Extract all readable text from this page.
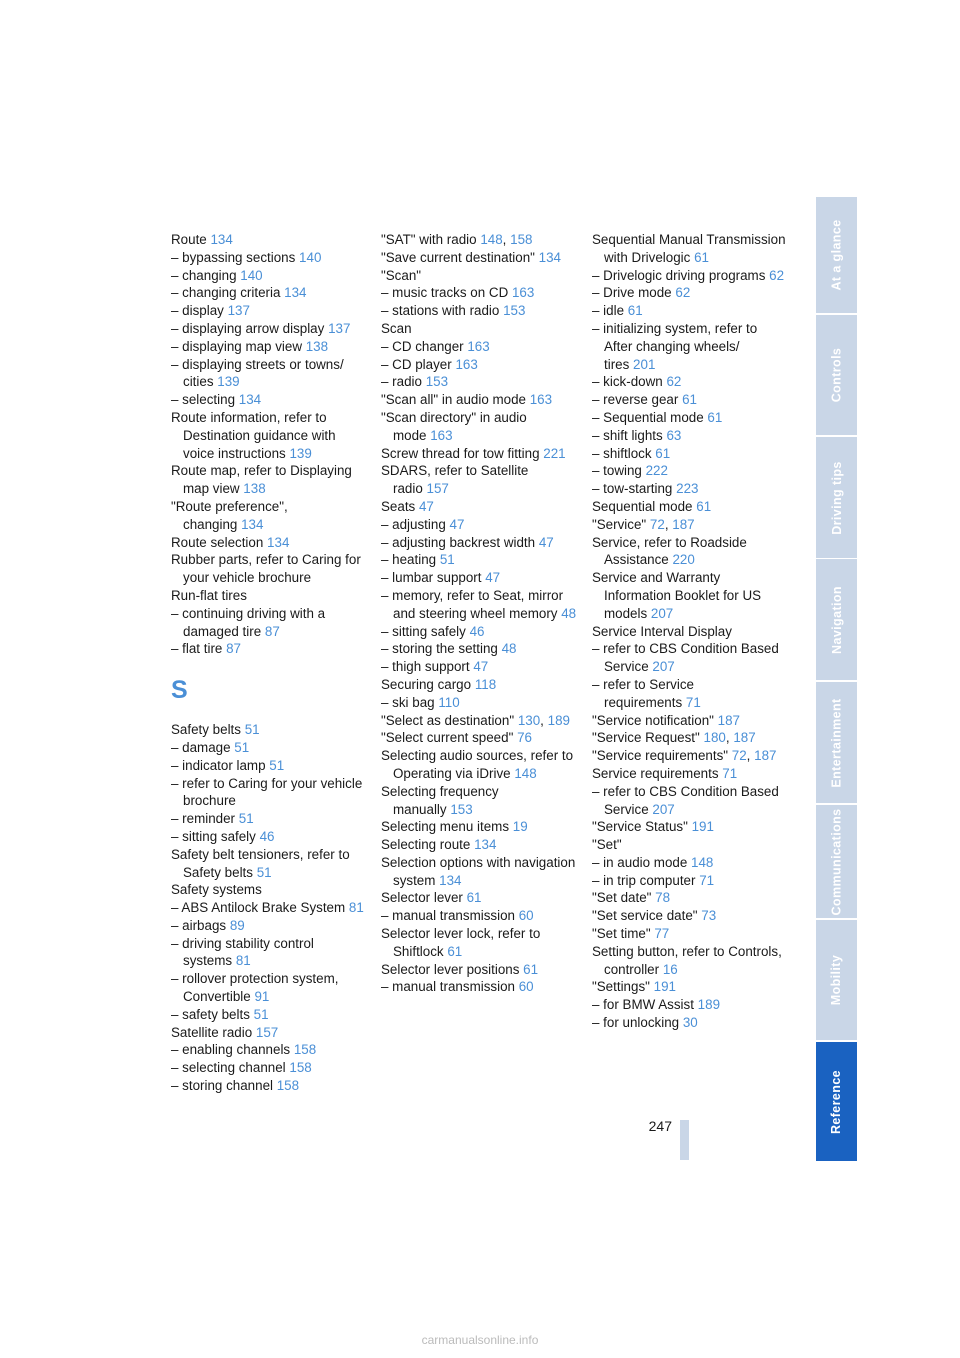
Route 134
– bypassing sections 140
– changing 140
– changing criteria 134
– display 137
– displaying arrow display 137
– displaying map view 138
– displaying streets or towns/ cities 139
– selecting 134
Route information, refer to Destination guidance with voice instructions 139
Route map, refer to Displaying map view 138
"Route preference", changing 134
Route selection 134
Rubber parts, refer to Caring for your vehicle brochure
Run-flat tires
– continuing driving with a damaged tire 87
– flat tire 87
S
Safety belts 51
– damage 51
– indicator lamp 51
– refer to Caring for your vehicle brochure
– reminder 51
– sitting safely 46
Safety belt tensioners, refer to Safety belts 51
Safety systems
– ABS Antilock Brake System 81
– airbags 89
– driving stability control systems 81
– rollover protection system, Convertible 91
– safety belts 51
Satellite radio 157
– enabling channels 158
– selecting channel 158
– storing channel 158
"SAT" with radio 148, 158
"Save current destination" 134
"Scan"
– music tracks on CD 163
– stations with radio 153
Scan
– CD changer 163
– CD player 163
– radio 153
"Scan all" in audio mode 163
"Scan directory" in audio mode 163
Screw thread for tow fitting 221
SDARS, refer to Satellite radio 157
Seats 47
– adjusting 47
– adjusting backrest width 47
– heating 51
– lumbar support 47
– memory, refer to Seat, mirror and steering wheel memory 48
– sitting safely 46
– storing the setting 48
– thigh support 47
Securing cargo 118
– ski bag 110
"Select as destination" 130, 189
"Select current speed" 76
Selecting audio sources, refer to Operating via iDrive 148
Selecting frequency manually 153
Selecting menu items 19
Selecting route 134
Selection options with navigation system 134
Selector lever 61
– manual transmission 60
Selector lever lock, refer to Shiftlock 61
Selector lever positions 61
– manual transmission 60
Sequential Manual Transmission with Drivelogic 61
– Drivelogic driving programs 62
– Drive mode 62
– idle 61
– initializing system, refer to After changing wheels/ tires 201
– kick-down 62
– reverse gear 61
– Sequential mode 61
– shift lights 63
– shiftlock 61
– towing 222
– tow-starting 223
Sequential mode 61
"Service" 72, 187
Service, refer to Roadside Assistance 220
Service and Warranty Information Booklet for US models 207
Service Interval Display
– refer to CBS Condition Based Service 207
– refer to Service requirements 71
"Service notification" 187
"Service Request" 180, 187
"Service requirements" 72, 187
Service requirements 71
– refer to CBS Condition Based Service 207
"Service Status" 191
"Set"
– in audio mode 148
– in trip computer 71
"Set date" 78
"Set service date" 73
"Set time" 77
Setting button, refer to Controls, controller 16
"Settings" 191
– for BMW Assist 189
– for unlocking 30
At a glance
Controls
Driving tips
Navigation
Entertainment
Communications
Mobility
Reference
247
carmanualsonline.info
